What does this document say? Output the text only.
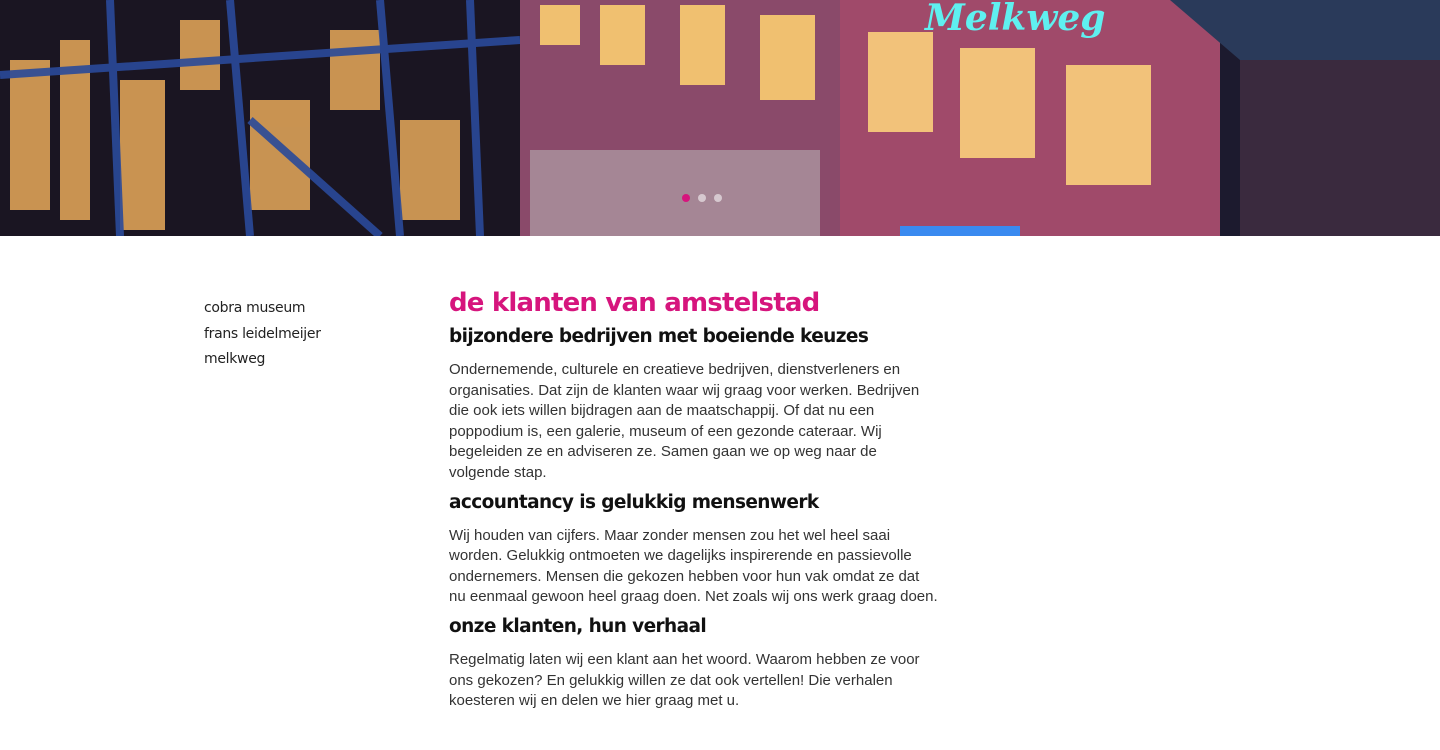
Melkweg
cobra museum
frans leidelmeijer
melkweg
de klanten van amstelstad
bijzondere bedrijven met boeiende keuzes

Ondernemende, culturele en creatieve bedrijven, dienstverleners en organisaties. Dat zijn de klanten waar wij graag voor werken. Bedrijven die ook iets willen bijdragen aan de maatschappij. Of dat nu een poppodium is, een galerie, museum of een gezonde cateraar. Wij begeleiden ze en adviseren ze. Samen gaan we op weg naar de volgende stap.

accountancy is gelukkig mensenwerk

Wij houden van cijfers. Maar zonder mensen zou het wel heel saai worden. Gelukkig ontmoeten we dagelijks inspirerende en passievolle ondernemers. Mensen die gekozen hebben voor hun vak omdat ze dat nu eenmaal gewoon heel graag doen. Net zoals wij ons werk graag doen.

onze klanten, hun verhaal

Regelmatig laten wij een klant aan het woord. Waarom hebben ze voor ons gekozen? En gelukkig willen ze dat ook vertellen! Die verhalen koesteren wij en delen we hier graag met u.
